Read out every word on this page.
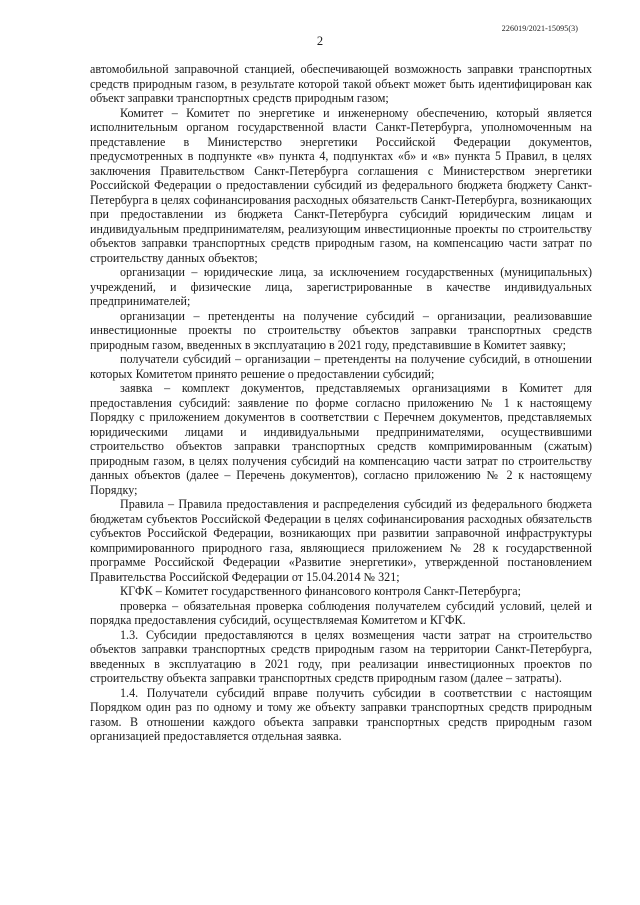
226019/2021-15095(3)
2

автомобильной заправочной станцией, обеспечивающей возможность заправки транспортных средств природным газом, в результате которой такой объект может быть идентифицирован как объект заправки транспортных средств природным газом;

Комитет – Комитет по энергетике и инженерному обеспечению, который является исполнительным органом государственной власти Санкт-Петербурга, уполномоченным на представление в Министерство энергетики Российской Федерации документов, предусмотренных в подпункте «в» пункта 4, подпунктах «б» и «в» пункта 5 Правил, в целях заключения Правительством Санкт-Петербурга соглашения с Министерством энергетики Российской Федерации о предоставлении субсидий из федерального бюджета бюджету Санкт-Петербурга в целях софинансирования расходных обязательств Санкт-Петербурга, возникающих при предоставлении из бюджета Санкт-Петербурга субсидий юридическим лицам и индивидуальным предпринимателям, реализующим инвестиционные проекты по строительству объектов заправки транспортных средств природным газом, на компенсацию части затрат по строительству данных объектов;

организации – юридические лица, за исключением государственных (муниципальных) учреждений, и физические лица, зарегистрированные в качестве индивидуальных предпринимателей;

организации – претенденты на получение субсидий – организации, реализовавшие инвестиционные проекты по строительству объектов заправки транспортных средств природным газом, введенных в эксплуатацию в 2021 году, представившие в Комитет заявку;

получатели субсидий – организации – претенденты на получение субсидий, в отношении которых Комитетом принято решение о предоставлении субсидий;

заявка – комплект документов, представляемых организациями в Комитет для предоставления субсидий: заявление по форме согласно приложению № 1 к настоящему Порядку с приложением документов в соответствии с Перечнем документов, представляемых юридическими лицами и индивидуальными предпринимателями, осуществившими строительство объектов заправки транспортных средств компримированным (сжатым) природным газом, в целях получения субсидий на компенсацию части затрат по строительству данных объектов (далее – Перечень документов), согласно приложению № 2 к настоящему Порядку;

Правила – Правила предоставления и распределения субсидий из федерального бюджета бюджетам субъектов Российской Федерации в целях софинансирования расходных обязательств субъектов Российской Федерации, возникающих при развитии заправочной инфраструктуры компримированного природного газа, являющиеся приложением № 28 к государственной программе Российской Федерации «Развитие энергетики», утвержденной постановлением Правительства Российской Федерации от 15.04.2014 № 321;

КГФК – Комитет государственного финансового контроля Санкт-Петербурга;

проверка – обязательная проверка соблюдения получателем субсидий условий, целей и порядка предоставления субсидий, осуществляемая Комитетом и КГФК.

1.3. Субсидии предоставляются в целях возмещения части затрат на строительство объектов заправки транспортных средств природным газом на территории Санкт-Петербурга, введенных в эксплуатацию в 2021 году, при реализации инвестиционных проектов по строительству объекта заправки транспортных средств природным газом (далее – затраты).

1.4. Получатели субсидий вправе получить субсидии в соответствии с настоящим Порядком один раз по одному и тому же объекту заправки транспортных средств природным газом. В отношении каждого объекта заправки транспортных средств природным газом организацией предоставляется отдельная заявка.
